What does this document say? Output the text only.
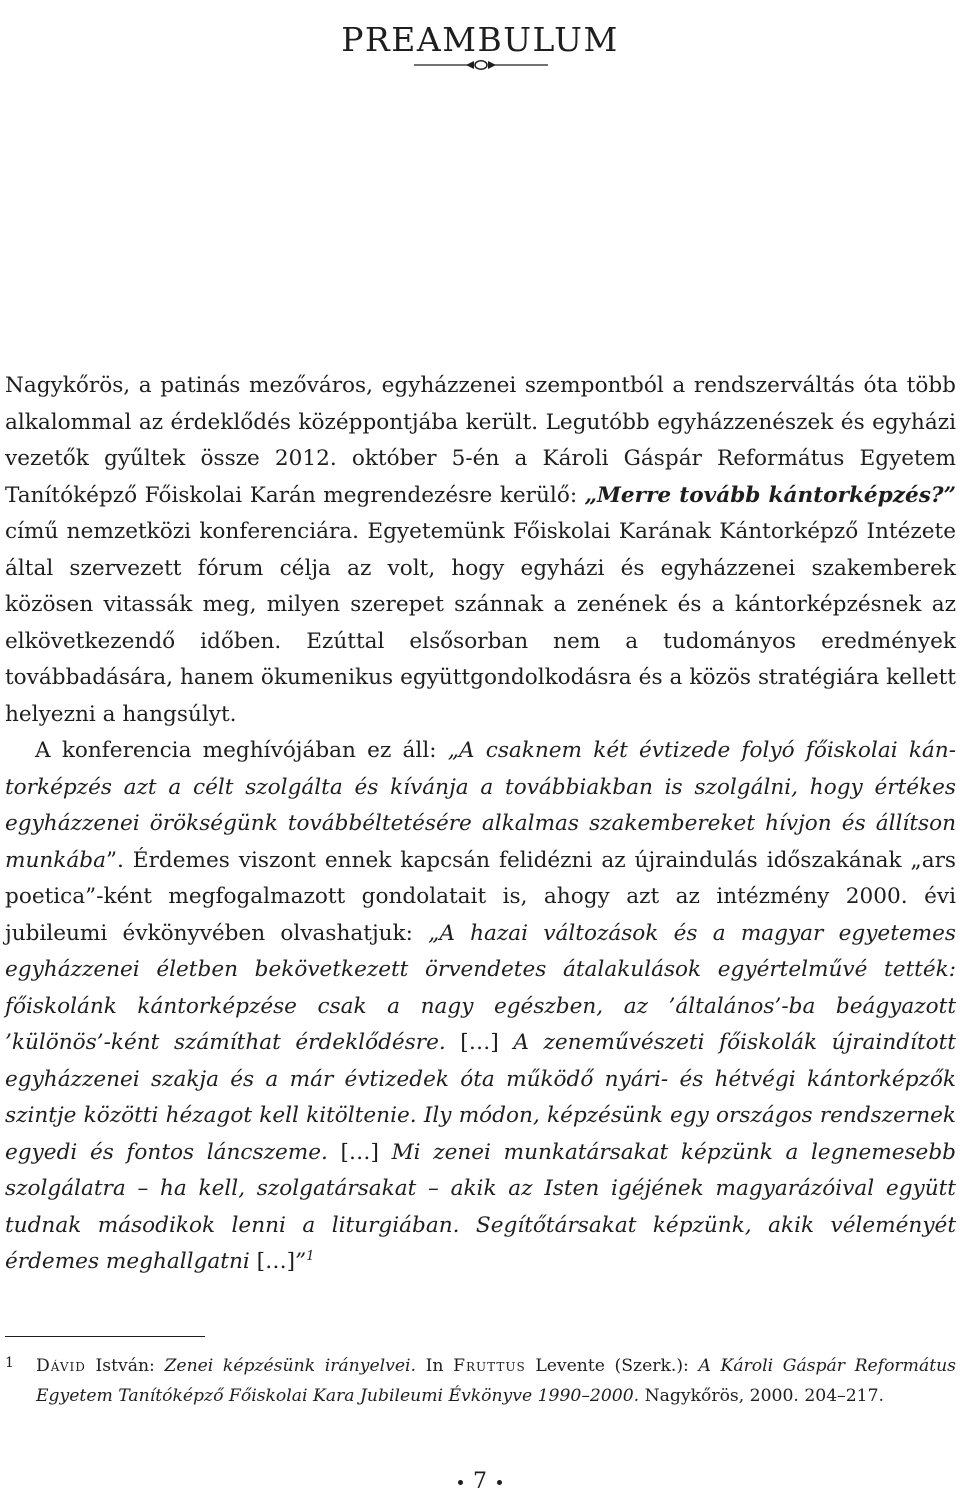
PREAMBULUM

Nagykőrös, a patinás mezőváros, egyházzenei szempontból a rendszerváltás óta több alkalommal az érdeklődés középpontjába került. Legutóbb egyházzenészek és egyházi vezetők gyűltek össze 2012. október 5-én a Károli Gáspár Református Egyetem Tanítóképző Főiskolai Karán megrendezésre kerülő: „Merre tovább kántorképzés?” című nemzetközi konferenciára. Egyetemünk Főiskolai Karának Kántorképző Intézete által szervezett fórum célja az volt, hogy egyházi és egyházzenei szakemberek közösen vitassák meg, milyen szerepet szánnak a zenének és a kántorképzésnek az elkövetkezendő időben. Ezúttal elsősorban nem a tudományos eredmények továbbadására, hanem ökumenikus együttgondolkodásra és a közös stratégiára kellett helyezni a hangsúlyt.

A konferencia meghívójában ez áll: „A csaknem két évtizede folyó főiskolai kántorképzés azt a célt szolgálta és kívánja a továbbiakban is szolgálni, hogy értékes egyházzenei örökségünk továbbéltetésére alkalmas szakembereket hívjon és állítson munkába”. Érdemes viszont ennek kapcsán felidézni az újraindulás időszakának „ars poetica”-ként megfogalmazott gondolatait is, ahogy azt az intézmény 2000. évi jubileumi évkönyvében olvashatjuk: „A hazai változások és a magyar egyetemes egyházzenei életben bekövetkezett örvendetes átalakulások egyértelművé tették: főiskolánk kántorképzése csak a nagy egészben, az ’általános’-ba beágyazott ’különös’-ként számíthat érdeklődésre. […] A zeneművészeti főiskolák újraindított egyházzenei szakja és a már évtizedek óta működő nyári- és hétvégi kántorképzők szintje közötti hézagot kell kitöltenie. Ily módon, képzésünk egy országos rendszernek egyedi és fontos láncszeme. […] Mi zenei munkatársakat képzünk a legnemesebb szolgálatra – ha kell, szolgatársakat – akik az Isten igéjének magyarázóival együtt tudnak másodikok lenni a liturgiában. Segítőtársakat képzünk, akik véleményét érdemes meghallgatni […]”$^1$

1 Dávid István: Zenei képzésünk irányelvei. In Fruttus Levente (Szerk.): A Károli Gáspár Református Egyetem Tanítóképző Főiskolai Kara Jubileumi Évkönyve 1990–2000. Nagykőrös, 2000. 204–217.
7
